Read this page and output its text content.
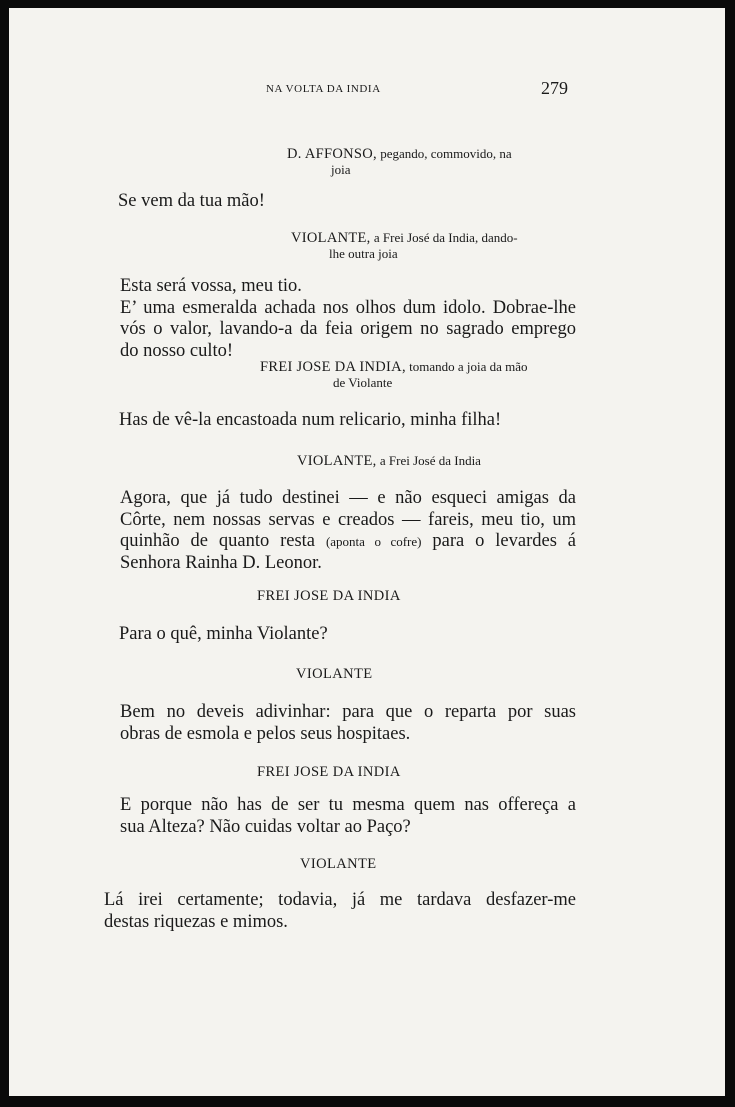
NA VOLTA DA INDIA	279
D. AFFONSO, pegando, commovido, na
joia
Se vem da tua mão!
VIOLANTE, a Frei José da India, dando-
lhe outra joia
Esta será vossa, meu tio.
E’ uma esmeralda achada nos olhos dum idolo. Dobrae-lhe
vós o valor, lavando-a da feia origem no sagrado emprego
do nosso culto!
FREI JOSE DA INDIA, tomando a joia da mão
de Violante
Has de vê-la encastoada num relicario, minha filha!
VIOLANTE, a Frei José da India
Agora, que já tudo destinei — e não esqueci amigas da
Côrte, nem nossas servas e creados — fareis, meu tio, um
quinhão de quanto resta (aponta o cofre) para o levardes á
Senhora Rainha D. Leonor.
FREI JOSE DA INDIA
Para o quê, minha Violante?
VIOLANTE
Bem no deveis adivinhar: para que o reparta por suas
obras de esmola e pelos seus hospitaes.
FREI JOSE DA INDIA
E porque não has de ser tu mesma quem nas offereça a
sua Alteza? Não cuidas voltar ao Paço?
VIOLANTE
Lá irei certamente; todavia, já me tardava desfazer-me
destas riquezas e mimos.
